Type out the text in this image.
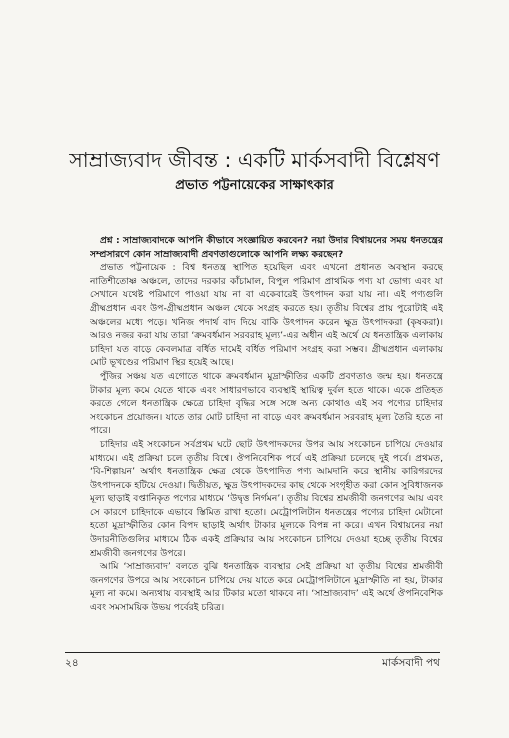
সাম্রাজ্যবাদ জীবন্ত : একটি মার্কসবাদী বিশ্লেষণ
প্রভাত পট্টনায়েকের সাক্ষাৎকার

প্রশ্ন : সাম্রাজ্যবাদকে আপনি কীভাবে সংজ্ঞায়িত করবেন? নয়া উদার বিশ্বায়নের সময় ধনতন্ত্রের সম্প্রসারণে কোন সাম্রাজ্যবাদী প্রবণতাগুলোকে আপনি লক্ষ্য করছেন?

প্রভাত পট্টনায়েক : বিশ্ব ধনতন্ত্র স্থাপিত হয়েছিল এবং এখনো প্রধানত অবস্থান করছে নাতিশীতোষ্ণ অঞ্চলে, তাদের দরকার কাঁচামাল, বিপুল পরিমাণ প্রাথমিক পণ্য যা ভোগ্য এবং যা সেখানে যথেষ্ট পরিমাণে পাওয়া যায় না বা একেবারেই উৎপাদন করা যায় না। এই পণ্যগুলি গ্রীষ্মপ্রধান এবং উপ-গ্রীষ্মপ্রধান অঞ্চল থেকে সংগ্রহ করতে হয়। তৃতীয় বিশ্বের প্রায় পুরোটাই এই অঞ্চলের মধ্যে পড়ে। খনিজ পদার্থ বাদ দিয়ে বাকি উৎপাদন করেন ক্ষুদ্র উৎপাদকরা (কৃষকরা)। আরও নজর করা যায় তারা ‘ক্রমবর্ধমান সরবরাহ মূল্য’-এর অধীন এই অর্থে যে ধনতান্ত্রিক এলাকায় চাহিদা যত বাড়ে কেবলমাত্র বর্ধিত দামেই বর্ধিত পরিমাণ সংগ্রহ করা সম্ভব। গ্রীষ্মপ্রধান এলাকায় মোট ভূখণ্ডের পরিমাণ স্থির হয়েই আছে।

পুঁজির সঞ্চয় যত এগোতে থাকে ক্রমবর্ধমান মুদ্রাস্ফীতির একটি প্রবণতাও জন্ম হয়। ধনতন্ত্রে টাকার মূল্য কমে যেতে থাকে এবং সাধারণভাবে ব্যবস্থাই স্থায়িত্ব দুর্বল হতে থাকে। একে প্রতিহত করতে গেলে ধনতান্ত্রিক ক্ষেত্রে চাহিদা বৃদ্ধির সঙ্গে সঙ্গে অন্য কোথাও এই সব পণ্যের চাহিদার সংকোচন প্রয়োজন। যাতে তার মোট চাহিদা না বাড়ে এবং ক্রমবর্ধমান সরবরাহ মূল্য তৈরি হতে না পারে।

চাহিদার এই সংকোচন সর্বপ্রথম ঘটে ছোট উৎপাদকদের উপর আয় সংকোচন চাপিয়ে দেওয়ার মাধ্যমে। এই প্রক্রিয়া চলে তৃতীয় বিশ্বে। ঔপনিবেশিক পর্বে এই প্রক্রিয়া চলেছে দুই পর্বে। প্রথমত, ‘বি-শিল্পায়ন’ অর্থাৎ ধনতান্ত্রিক ক্ষেত্র থেকে উৎপাদিত পণ্য আমদানি করে স্থানীয় কারিগরদের উৎপাদনকে হটিয়ে দেওয়া। দ্বিতীয়ত, ক্ষুদ্র উৎপাদকদের কাছ থেকে সংগৃহীত করা কোন সুবিধাজনক মূল্য ছাড়াই বপ্তানিকৃত পণ্যের মাধ্যমে ‘উদ্বৃত্ত নির্গমন’। তৃতীয় বিশ্বের শ্রমজীবী জনগণের আয় এবং সে কারণে চাহিদাকে এভাবে স্তিমিত রাখা হতো। মেট্রোপলিটান ধনতন্ত্রের পণ্যের চাহিদা মেটানো হতো মুদ্রাস্ফীতির কোন বিপদ ছাড়াই অর্থাৎ টাকার মূল্যকে বিপন্ন না করে। এখন বিশ্বায়নের নয়া উদারনীতিগুলির মাধ্যমে ঠিক একই প্রক্রিয়ার আয় সংকোচন চাপিয়ে দেওয়া হচ্ছে তৃতীয় বিশ্বের শ্রমজীবী জনগণের উপরে।

আমি ‘সাম্রাজ্যবাদ’ বলতে বুঝি ধনতান্ত্রিক ব্যবস্থার সেই প্রক্রিয়া যা তৃতীয় বিশ্বের শ্রমজীবী জনগণের উপরে আয় সংকোচন চাপিয়ে দেয় যাতে করে মেট্রোপলিটানে মুদ্রাস্ফীতি না হয়, টাকার মূল্য না কমে। অন্যথায় ব্যবস্থাই আর টিকার মতো থাকবে না। ‘সাম্রাজ্যবাদ’ এই অর্থে ঔপনিবেশিক এবং সমসাময়িক উভয় পর্বেরই চরিত্র।

২৪	মার্কসবাদী পথ
